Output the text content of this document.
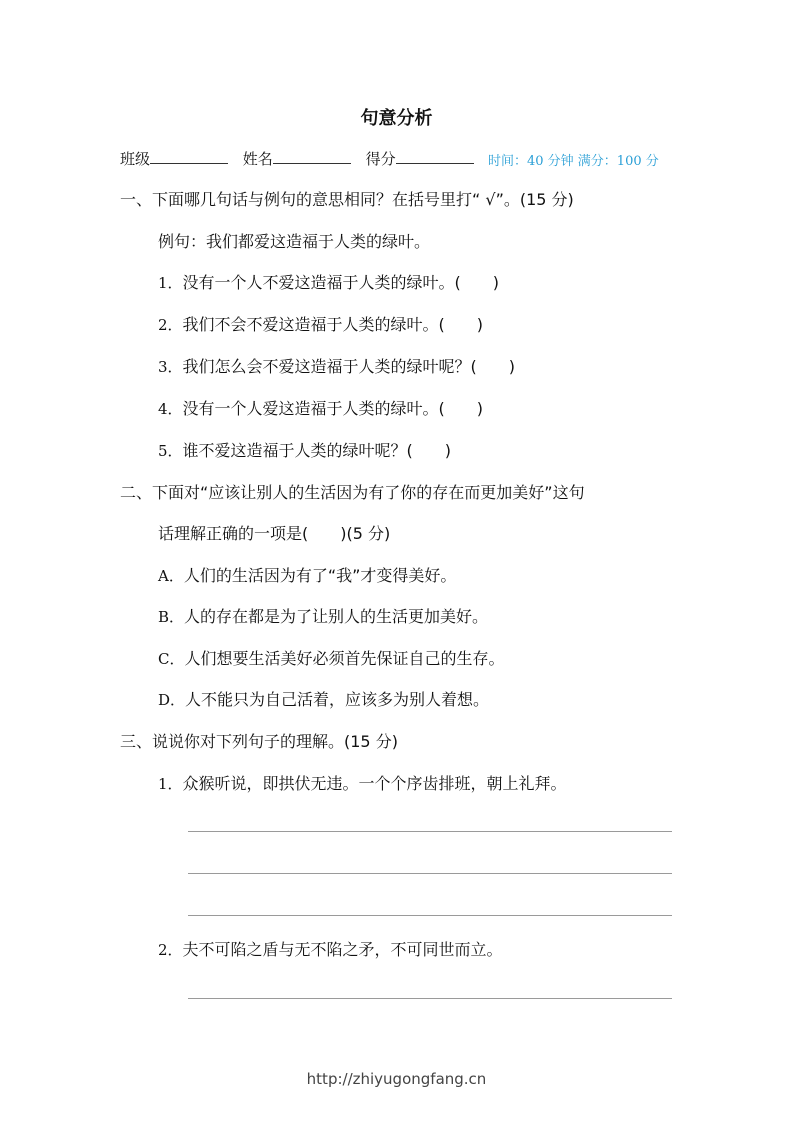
句意分析
班级	姓名	得分	时间：40 分钟 满分：100 分
一、下面哪几句话与例句的意思相同？在括号里打“ √”。(15 分)
例句：我们都爱这造福于人类的绿叶。
1．没有一个人不爱这造福于人类的绿叶。(　　)
2．我们不会不爱这造福于人类的绿叶。(　　)
3．我们怎么会不爱这造福于人类的绿叶呢？(　　)
4．没有一个人爱这造福于人类的绿叶。(　　)
5．谁不爱这造福于人类的绿叶呢？(　　)
二、下面对“应该让别人的生活因为有了你的存在而更加美好”这句
话理解正确的一项是(　　)(5 分)
A．人们的生活因为有了“我”才变得美好。
B．人的存在都是为了让别人的生活更加美好。
C．人们想要生活美好必须首先保证自己的生存。
D．人不能只为自己活着，应该多为别人着想。
三、说说你对下列句子的理解。(15 分)
1．众猴听说，即拱伏无违。一个个序齿排班，朝上礼拜。
2．夫不可陷之盾与无不陷之矛，不可同世而立。
http://zhiyugongfang.cn
